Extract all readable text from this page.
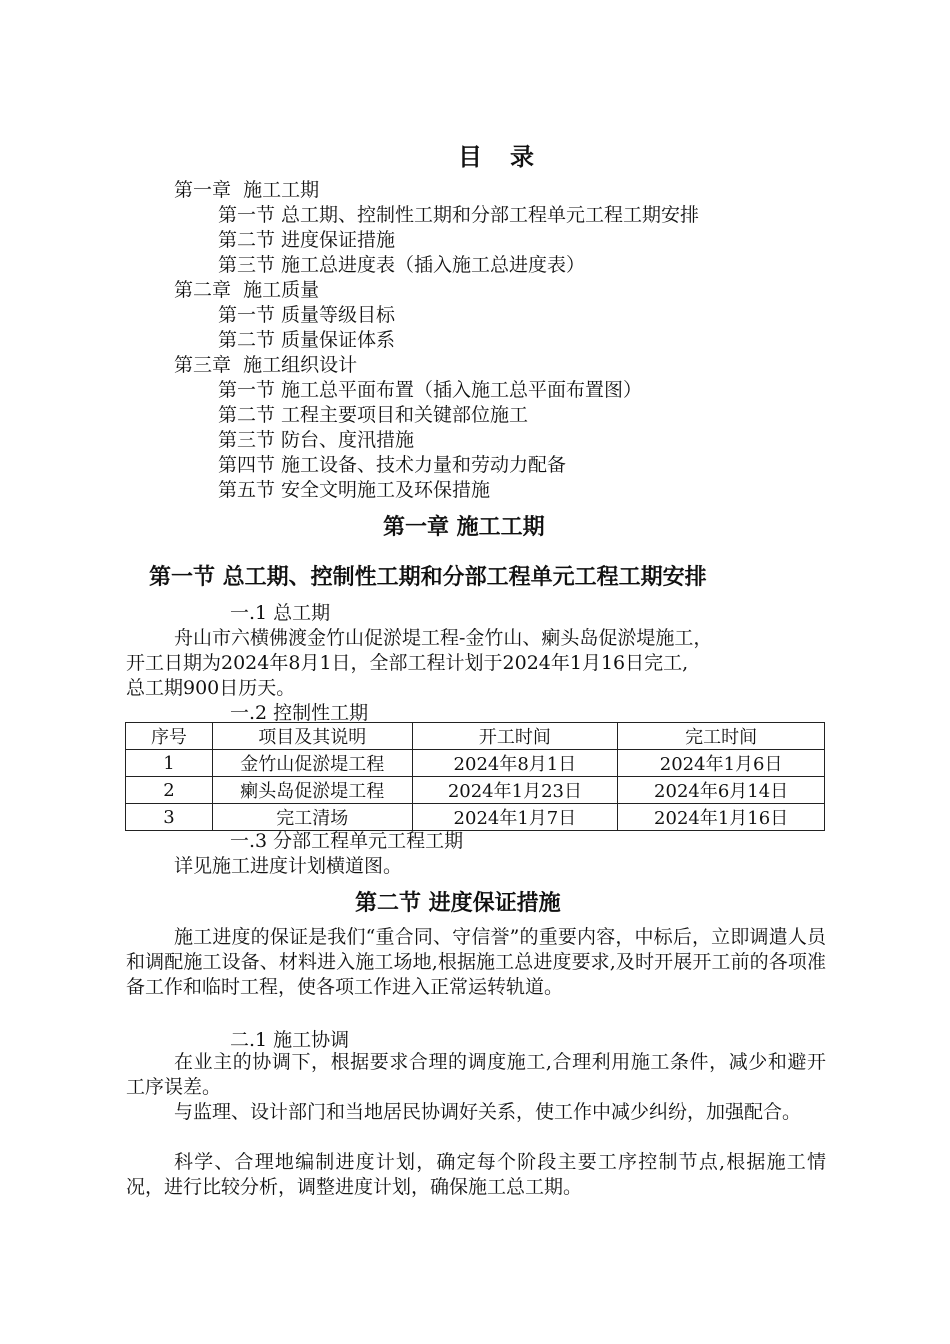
目录
第一章  施工工期
第一节 总工期、控制性工期和分部工程单元工程工期安排
第二节 进度保证措施
第三节 施工总进度表（插入施工总进度表）
第二章  施工质量
第一节 质量等级目标
第二节 质量保证体系
第三章  施工组织设计
第一节 施工总平面布置（插入施工总平面布置图）
第二节 工程主要项目和关键部位施工
第三节 防台、度汛措施
第四节 施工设备、技术力量和劳动力配备
第五节 安全文明施工及环保措施
第一章 施工工期
第一节 总工期、控制性工期和分部工程单元工程工期安排
一.1 总工期
舟山市六横佛渡金竹山促淤堤工程-金竹山、瘌头岛促淤堤施工，
开工日期为2024年8月1日，全部工程计划于2024年1月16日完工,
总工期900日历天。
一.2 控制性工期
序号	项目及其说明	开工时间	完工时间
1	金竹山促淤堤工程	2024年8月1日	2024年1月6日
2	瘌头岛促淤堤工程	2024年1月23日	2024年6月14日
3	完工清场	2024年1月7日	2024年1月16日
一.3 分部工程单元工程工期
详见施工进度计划横道图。
第二节 进度保证措施
施工进度的保证是我们“重合同、守信誉”的重要内容，中标后，立即调遣人员和调配施工设备、材料进入施工场地,根据施工总进度要求,及时开展开工前的各项准备工作和临时工程，使各项工作进入正常运转轨道。
二.1 施工协调
在业主的协调下，根据要求合理的调度施工,合理利用施工条件，减少和避开工序误差。
与监理、设计部门和当地居民协调好关系，使工作中减少纠纷，加强配合。
科学、合理地编制进度计划，确定每个阶段主要工序控制节点,根据施工情况，进行比较分析，调整进度计划，确保施工总工期。
